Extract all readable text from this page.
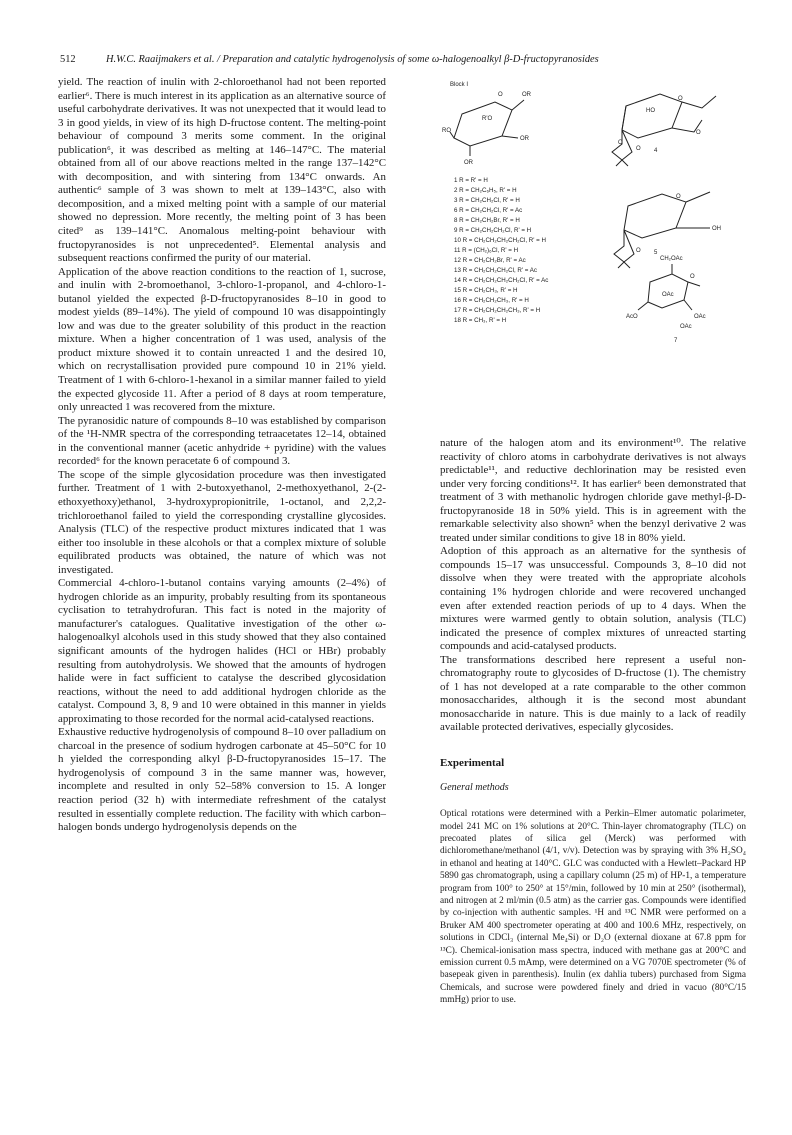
512	H.W.C. Raaijmakers et al. / Preparation and catalytic hydrogenolysis of some ω-halogenoalkyl β-D-fructopyranosides

yield. The reaction of inulin with 2-chloroethanol had not been reported earlier⁶. There is much interest in its application as an alternative source of useful carbohydrate derivatives. It was not unexpected that it would lead to 3 in good yields, in view of its high D-fructose content. The melting-point behaviour of compound 3 merits some comment. In the original publication⁶, it was described as melting at 146–147°C. The material obtained from all of our above reactions melted in the range 137–142°C with decomposition, and with sintering from 134°C onwards. An authentic⁶ sample of 3 was shown to melt at 139–143°C, also with decomposition, and a mixed melting point with a sample of our material showed no depression. More recently, the melting point of 3 has been cited⁹ as 139–141°C. Anomalous melting-point behaviour with fructopyranosides is not unprecedented⁵. Elemental analysis and subsequent reactions confirmed the purity of our material.

Application of the above reaction conditions to the reaction of 1, sucrose, and inulin with 2-bromoethanol, 3-chloro-1-propanol, and 4-chloro-1-butanol yielded the expected β-D-fructopyranosides 8–10 in good to modest yields (89–14%). The yield of compound 10 was disappointingly low and was due to the greater solubility of this product in the reaction mixture. When a higher concentration of 1 was used, analysis of the product mixture showed it to contain unreacted 1 and the desired 10, which on recrystallisation provided pure compound 10 in 21% yield. Treatment of 1 with 6-chloro-1-hexanol in a similar manner failed to yield the expected glycoside 11. After a period of 8 days at room temperature, only unreacted 1 was recovered from the mixture.

The pyranosidic nature of compounds 8–10 was established by comparison of the ¹H-NMR spectra of the corresponding tetraacetates 12–14, obtained in the conventional manner (acetic anhydride + pyridine) with the values recorded⁶ for the known peracetate 6 of compound 3.

The scope of the simple glycosidation procedure was then investigated further. Treatment of 1 with 2-butoxyethanol, 2-methoxyethanol, 2-(2-ethoxyethoxy)ethanol, 3-hydroxypropionitrile, 1-octanol, and 2,2,2-trichloroethanol failed to yield the corresponding crystalline glycosides. Analysis (TLC) of the respective product mixtures indicated that 1 was either too insoluble in these alcohols or that a complex mixture of soluble equilibrated products was obtained, the nature of which was not investigated.

Commercial 4-chloro-1-butanol contains varying amounts (2–4%) of hydrogen chloride as an impurity, probably resulting from its spontaneous cyclisation to tetrahydrofuran. This fact is noted in the majority of manufacturer's catalogues. Qualitative investigation of the other ω-halogenoalkyl alcohols used in this study showed that they also contained significant amounts of the hydrogen halides (HCl or HBr) probably resulting from autohydrolysis. We showed that the amounts of hydrogen halide were in fact sufficient to catalyse the described glycosidation reactions, without the need to add additional hydrogen chloride as the catalyst. Compound 3, 8, 9 and 10 were obtained in this manner in yields approximating to those recorded for the normal acid-catalysed reactions.

Exhaustive reductive hydrogenolysis of compound 8–10 over palladium on charcoal in the presence of sodium hydrogen carbonate at 45–50°C for 10 h yielded the corresponding alkyl β-D-fructopyranosides 15–17. The hydrogenolysis of compound 3 in the same manner was, however, incomplete and resulted in only 52–58% conversion to 15. A longer reaction period (32 h) with intermediate refreshment of the catalyst resulted in essentially complete reduction. The facility with which carbon–halogen bonds undergo hydrogenolysis depends on the

Block I
O	OR
R'O
RO
OR
OR
HO
O
O
O
O 4
O
OH
O 5
CH₂OAc
O
OAc
OAc
AcO
OAc
7
1 R = R' = H
2 R = CH₂C₆H₅, R' = H
3 R = CH₂CH₂Cl, R' = H
6 R = CH₂CH₂Cl, R' = Ac
8 R = CH₂CH₂Br, R' = H
9 R = CH₂CH₂CH₂Cl, R' = H
10 R = CH₂CH₂CH₂CH₂Cl, R' = H
11 R = (CH₂)₆Cl, R' = H
12 R = CH₂CH₂Br, R' = Ac
13 R = CH₂CH₂CH₂Cl, R' = Ac
14 R = CH₂CH₂CH₂CH₂Cl, R' = Ac
15 R = CH₂CH₃, R' = H
16 R = CH₂CH₂CH₃, R' = H
17 R = CH₂CH₂CH₂CH₃, R' = H
18 R = CH₃, R' = H

nature of the halogen atom and its environment¹⁰. The relative reactivity of chloro atoms in carbohydrate derivatives is not always predictable¹¹, and reductive dechlorination may be resisted even under very forcing conditions¹². It has earlier⁶ been demonstrated that treatment of 3 with methanolic hydrogen chloride gave methyl-β-D-fructopyranoside 18 in 50% yield. This is in agreement with the remarkable selectivity also shown⁵ when the benzyl derivative 2 was treated under similar conditions to give 18 in 80% yield.

Adoption of this approach as an alternative for the synthesis of compounds 15–17 was unsuccessful. Compounds 3, 8–10 did not dissolve when they were treated with the appropriate alcohols containing 1% hydrogen chloride and were recovered unchanged even after extended reaction periods of up to 4 days. When the mixtures were warmed gently to obtain solution, analysis (TLC) indicated the presence of complex mixtures of unreacted starting compounds and acid-catalysed products.

The transformations described here represent a useful non-chromatography route to glycosides of D-fructose (1). The chemistry of 1 has not developed at a rate comparable to the other common monosaccharides, although it is the second most abundant monosaccharide in nature. This is due mainly to a lack of readily available protected derivatives, especially glycosides.

Experimental
General methods

Optical rotations were determined with a Perkin–Elmer automatic polarimeter, model 241 MC on 1% solutions at 20°C. Thin-layer chromatography (TLC) on precoated plates of silica gel (Merck) was performed with dichloromethane/methanol (4/1, v/v). Detection was by spraying with 3% H₂SO₄ in ethanol and heating at 140°C. GLC was conducted with a Hewlett–Packard HP 5890 gas chromatograph, using a capillary column (25 m) of HP-1, a temperature program from 100° to 250° at 15°/min, followed by 10 min at 250° (isothermal), and nitrogen at 2 ml/min (0.5 atm) as the carrier gas. Compounds were identified by co-injection with authentic samples. ¹H and ¹³C NMR were performed on a Bruker AM 400 spectrometer operating at 400 and 100.6 MHz, respectively, on solutions in CDCl₃ (internal Me₄Si) or D₂O (external dioxane at 67.8 ppm for ¹³C). Chemical-ionisation mass spectra, induced with methane gas at 200°C and emission current 0.5 mAmp, were determined on a VG 7070E spectrometer (% of basepeak given in parenthesis). Inulin (ex dahlia tubers) purchased from Sigma Chemicals, and sucrose were powdered finely and dried in vacuo (80°C/15 mmHg) prior to use.
